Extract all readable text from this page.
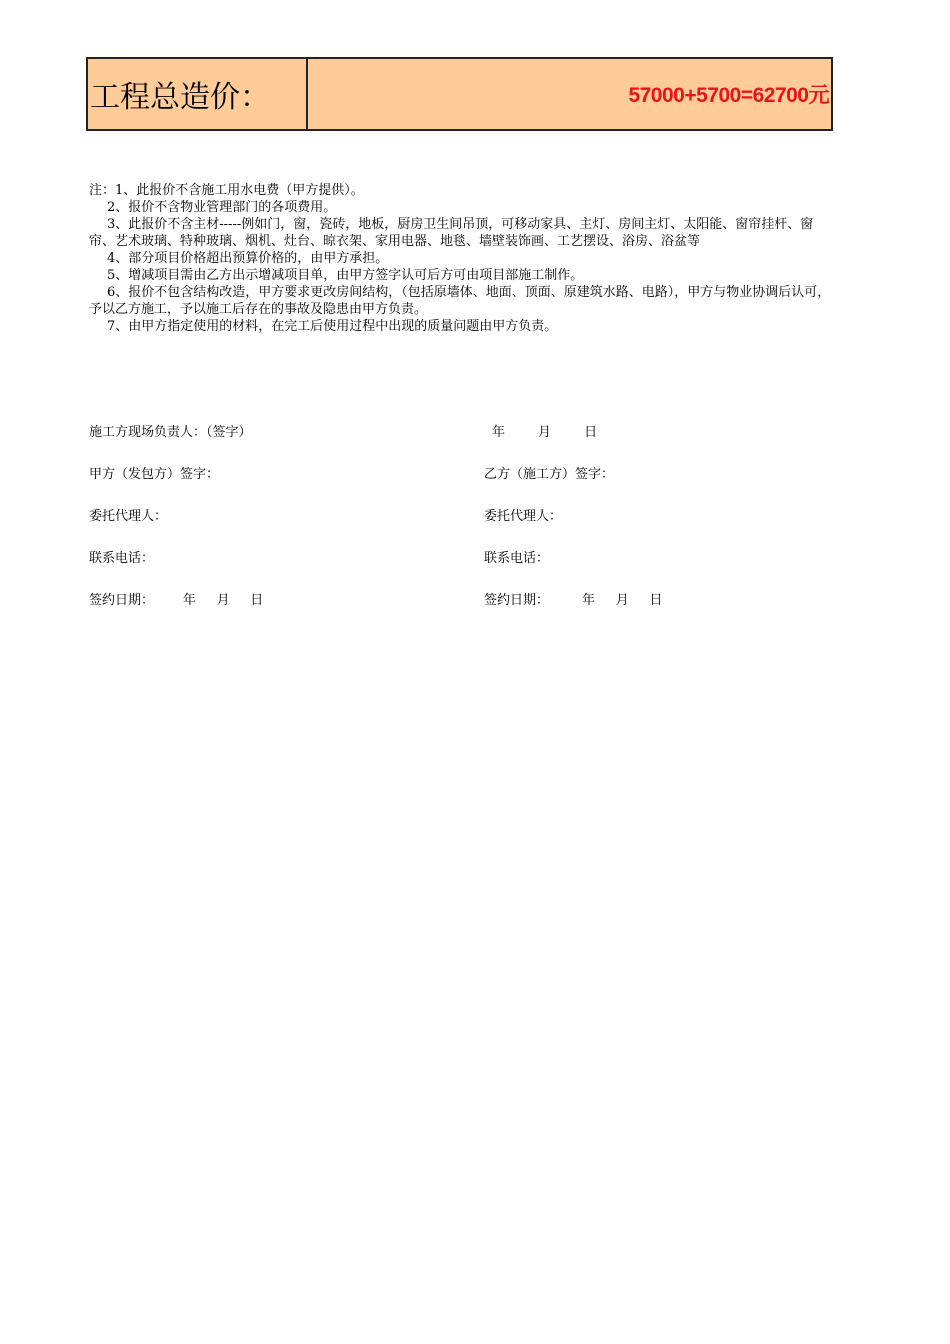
工程总造价：	57000+5700=62700元

注：1、此报价不含施工用水电费（甲方提供）。

2、报价不含物业管理部门的各项费用。

3、此报价不含主材-----例如门，窗，瓷砖，地板，厨房卫生间吊顶，可移动家具、主灯、房间主灯、太阳能、窗帘挂杆、窗帘、艺术玻璃、特种玻璃、烟机、灶台、晾衣架、家用电器、地毯、墙壁装饰画、工艺摆设、浴房、浴盆等

4、部分项目价格超出预算价格的，由甲方承担。

5、增减项目需由乙方出示增减项目单，由甲方签字认可后方可由项目部施工制作。

6、报价不包含结构改造，甲方要求更改房间结构，（包括原墙体、地面、顶面、原建筑水路、电路），甲方与物业协调后认可，予以乙方施工，予以施工后存在的事故及隐患由甲方负责。

7、由甲方指定使用的材料，在完工后使用过程中出现的质量问题由甲方负责。

施工方现场负责人：（签字）	年        月        日
甲方（发包方）签字：	乙方（施工方）签字：
委托代理人：	委托代理人：
联系电话：	联系电话：
签约日期：       年     月     日	签约日期：        年     月     日
